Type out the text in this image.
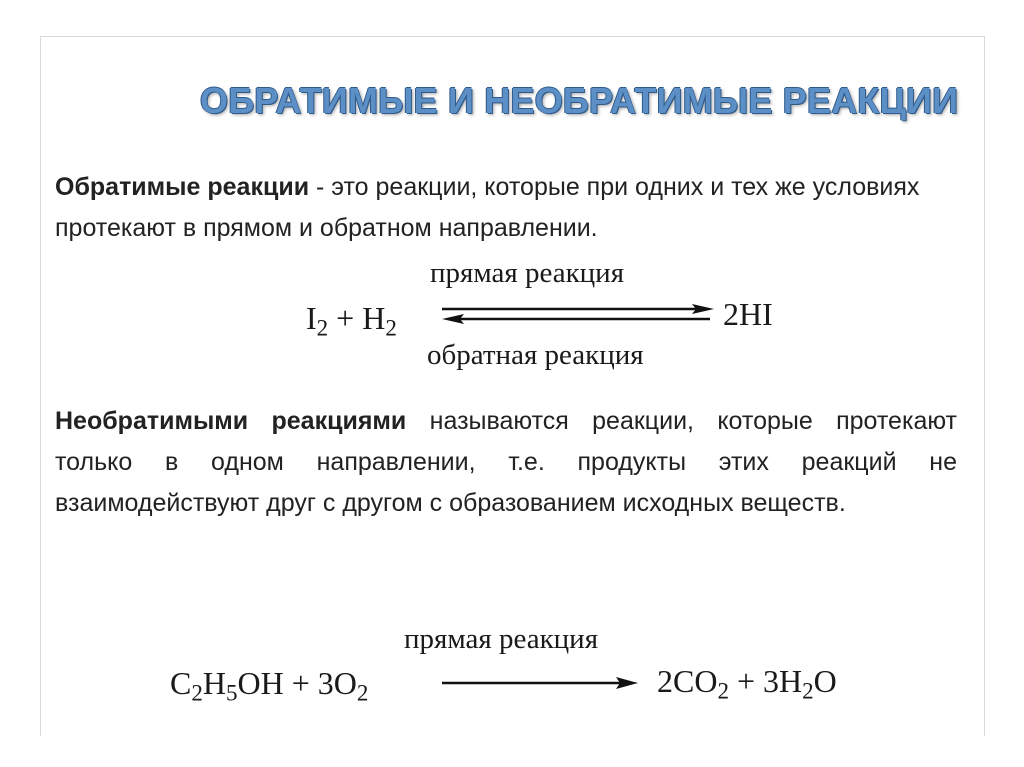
ОБРАТИМЫЕ И НЕОБРАТИМЫЕ РЕАКЦИИ
Обратимые реакции - это реакции, которые при одних и тех же условиях протекают в прямом и обратном направлении.
прямая реакция
$I_2 + H_2$	2HI
обратная реакция
Необратимыми реакциями называются реакции, которые протекают только в одном направлении, т.е. продукты этих реакций не взаимодействуют друг с другом с образованием исходных веществ.
прямая реакция
$C_2H_5OH + 3O_2$	$2CO_2 + 3H_2O$
